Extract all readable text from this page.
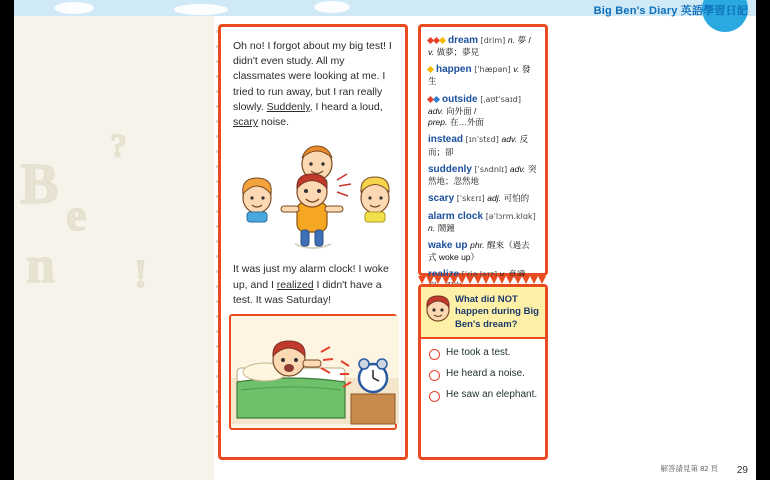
B e
n
?
!
Big Ben's Diary 英語學習日記

Oh no! I forgot about my big test! I didn't even study. All my classmates were looking at me. I tried to run away, but I ran really slowly. Suddenly, I heard a loud, scary noise.

It was just my alarm clock! I woke up, and I realized I didn't have a test. It was Saturday!

dream [drim] n. 夢 /
v. 做夢；夢見
happen [ˈhæpən] v. 發生
outside [ˌaʊtˈsaɪd] adv. 向外面 /
prep. 在…外面
instead [ɪnˈstɛd] adv. 反而；卻
suddenly [ˈsʌdnlɪ] adv. 突然地；忽然地
scary [ˈskɛrɪ] adj. 可怕的
alarm clock [əˈlɔrm.klɑk] n. 鬧鐘
wake up phr. 醒來（過去式 woke up）
realize [ˈriəˌlaɪz] v. 意識
What did NOT happen during Big Ben's dream?
He took a test.
He heard a noise.
He saw an elephant.
解答請見第 82 頁 29
